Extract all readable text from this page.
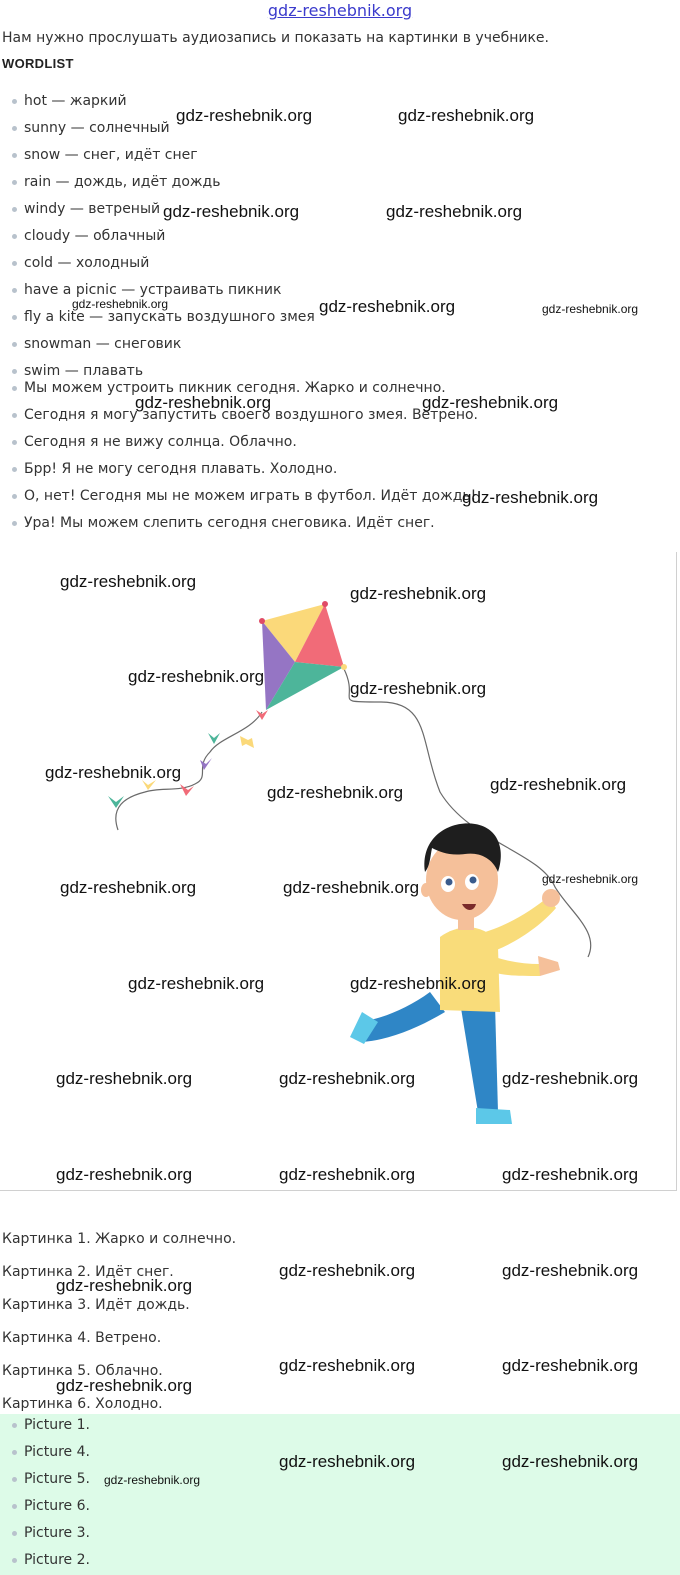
gdz-reshebnik.org
Нам нужно прослушать аудиозапись и показать на картинки в учебнике.
WORDLIST
hot — жаркий
sunny — солнечный
snow — снег, идёт снег
rain — дождь, идёт дождь
windy — ветреный
cloudy — облачный
cold — холодный
have a picnic — устраивать пикник
fly a kite — запускать воздушного змея
snowman — снеговик
swim — плавать
Мы можем устроить пикник сегодня. Жарко и солнечно.
Сегодня я могу запустить своего воздушного змея. Ветрено.
Сегодня я не вижу солнца. Облачно.
Брр! Я не могу сегодня плавать. Холодно.
О, нет! Сегодня мы не можем играть в футбол. Идёт дождь!
Ура! Мы можем слепить сегодня снеговика. Идёт снег.
Картинка 1. Жарко и солнечно.
Картинка 2. Идёт снег.
Картинка 3. Идёт дождь.
Картинка 4. Ветрено.
Картинка 5. Облачно.
Картинка 6. Холодно.
Picture 1.
Picture 4.
Picture 5.
Picture 6.
Picture 3.
Picture 2.
gdz-reshebnik.org	gdz-reshebnik.org
gdz-reshebnik.org	gdz-reshebnik.org
gdz-reshebnik.org	gdz-reshebnik.org	gdz-reshebnik.org
gdz-reshebnik.org	gdz-reshebnik.org
gdz-reshebnik.org
gdz-reshebnik.org
gdz-reshebnik.org
gdz-reshebnik.org
gdz-reshebnik.org
gdz-reshebnik.org
gdz-reshebnik.org
gdz-reshebnik.org
gdz-reshebnik.org	gdz-reshebnik.org	gdz-reshebnik.org
gdz-reshebnik.org	gdz-reshebnik.org
gdz-reshebnik.org	gdz-reshebnik.org	gdz-reshebnik.org
gdz-reshebnik.org	gdz-reshebnik.org	gdz-reshebnik.org
gdz-reshebnik.org	gdz-reshebnik.org
gdz-reshebnik.org
gdz-reshebnik.org	gdz-reshebnik.org
gdz-reshebnik.org
gdz-reshebnik.org
gdz-reshebnik.org	gdz-reshebnik.org
